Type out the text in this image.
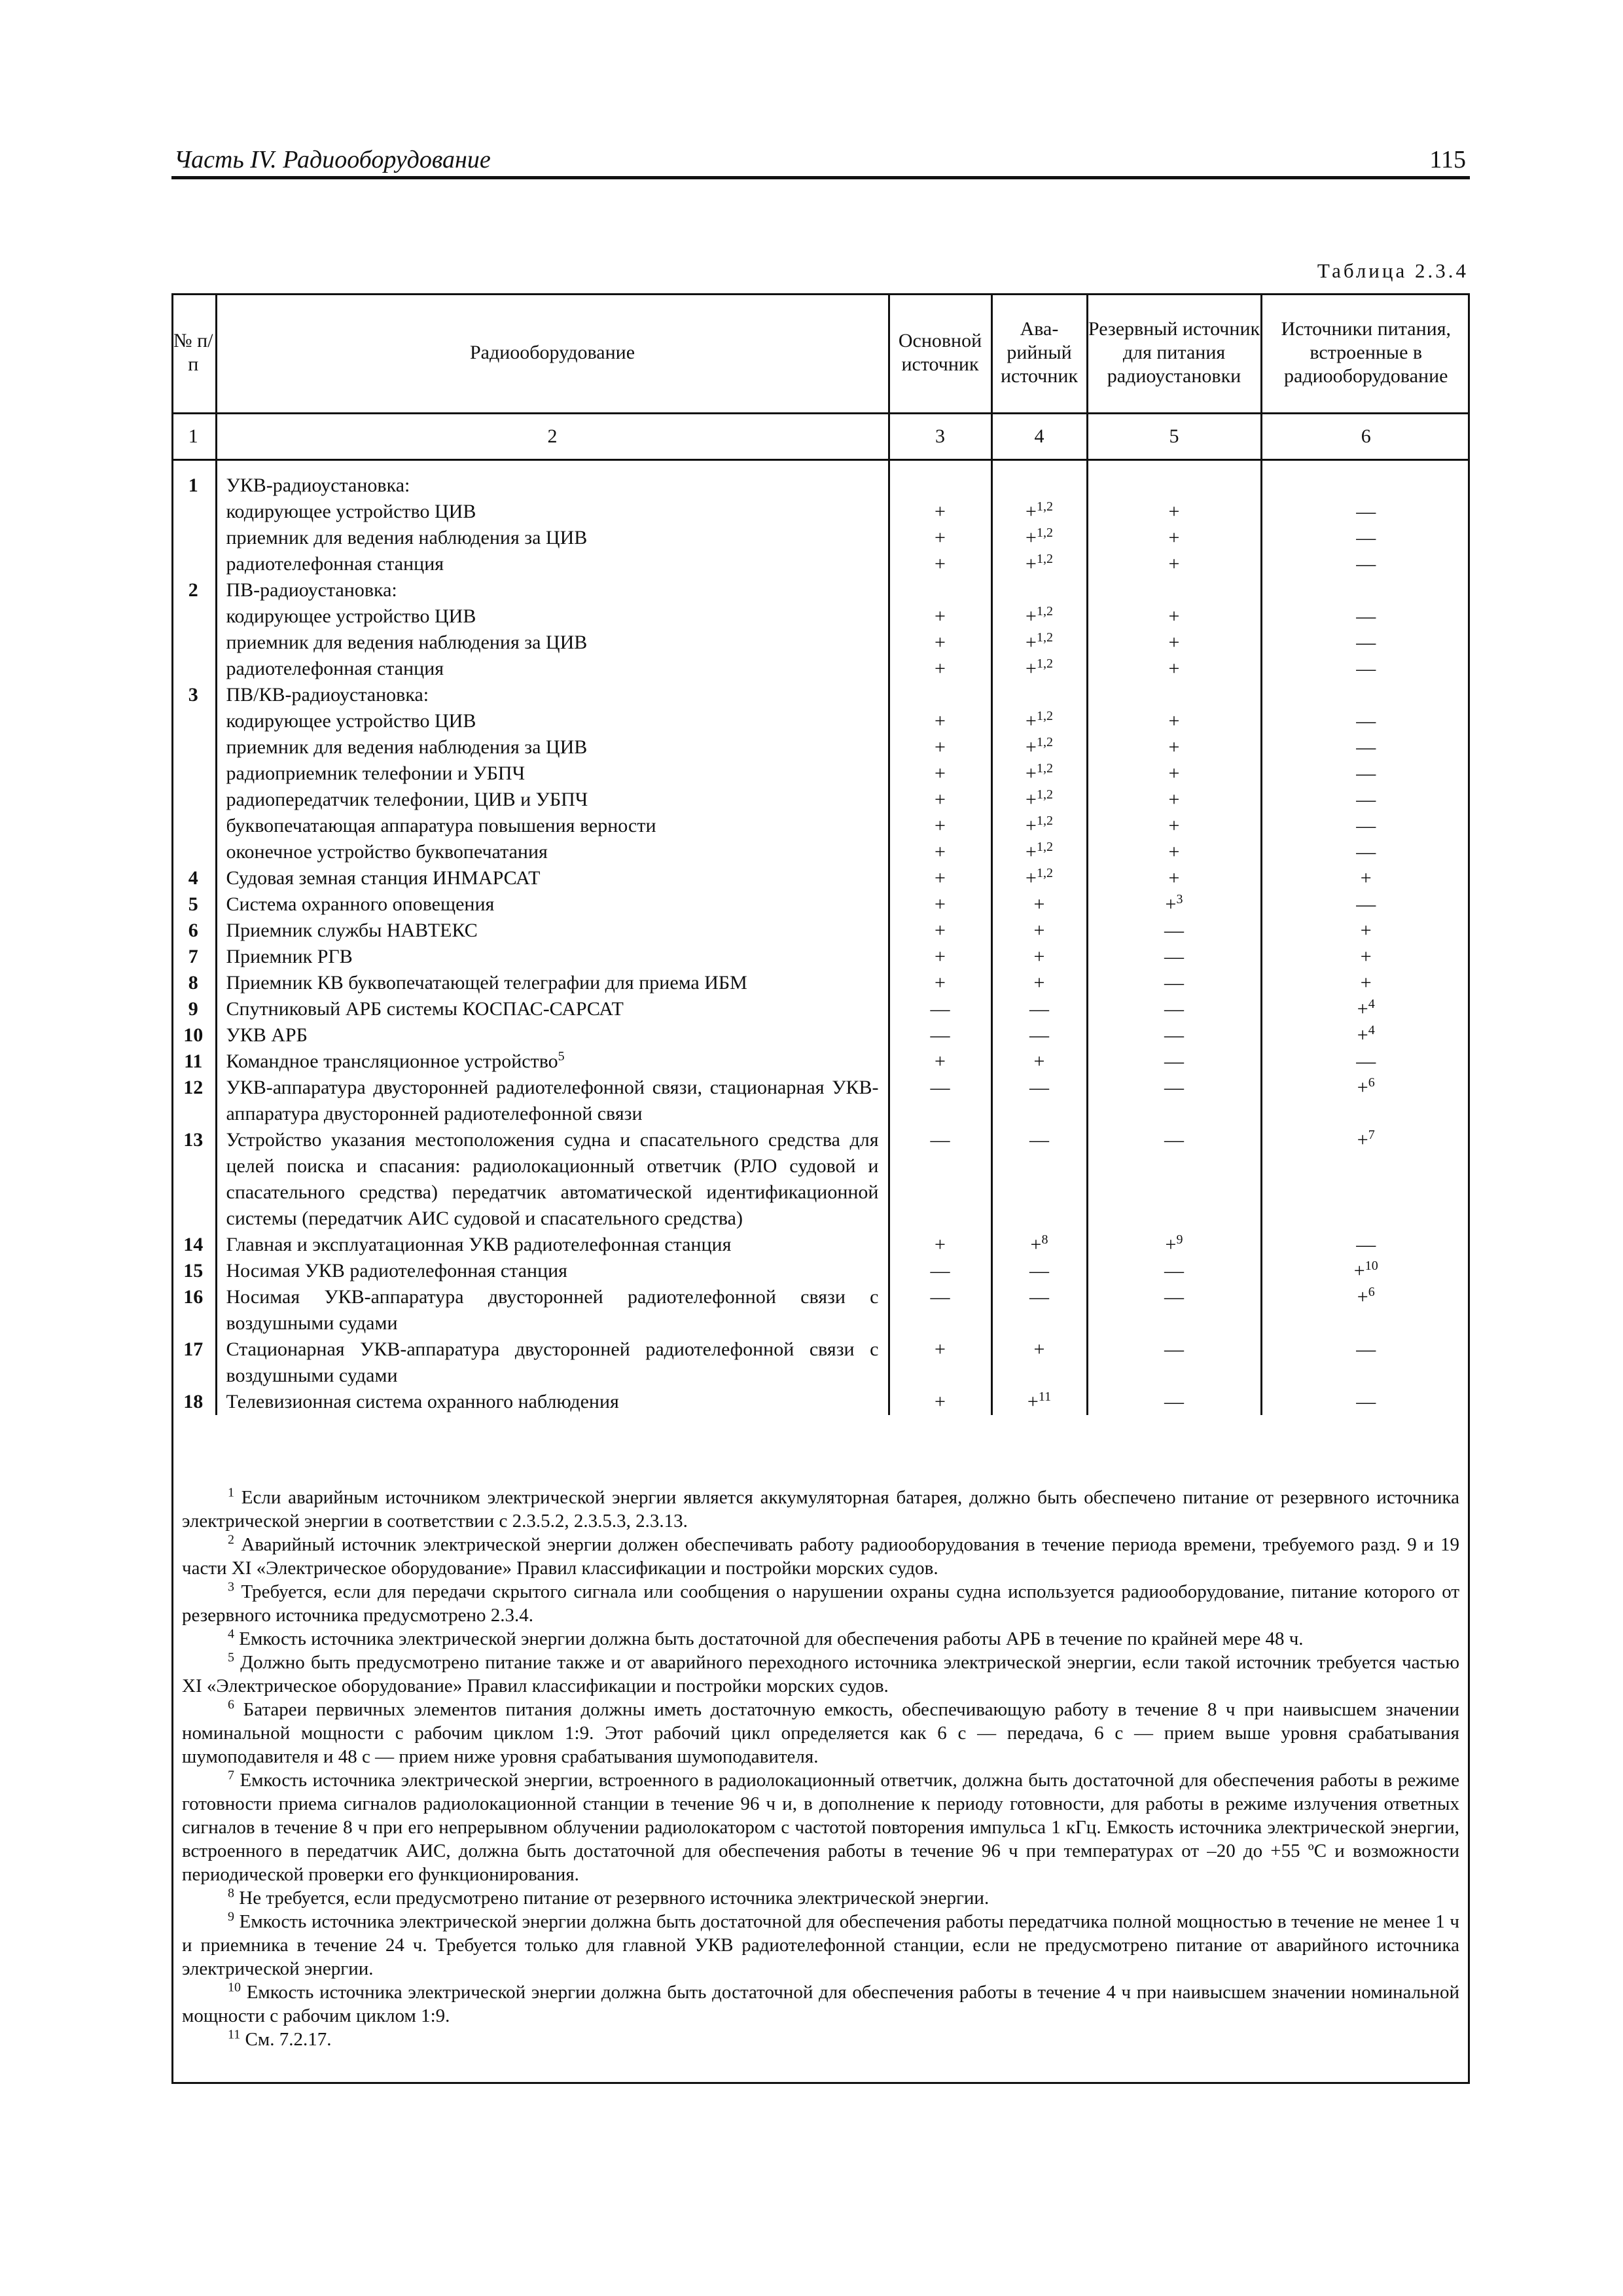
Часть IV. Радиооборудование	115
Таблица 2.3.4
№ п/п	Радиооборудование	Основной источник	Ава- рийный источник	Резервный источник для питания радиоустановки	Источники питания, встроенные в радиооборудование
1	2	3	4	5	6

1	УКВ-радиоустановка:				
	кодирующее устройство ЦИВ	+	+$^{1,2}$	+	—
	приемник для ведения наблюдения за ЦИВ	+	+$^{1,2}$	+	—
	радиотелефонная станция	+	+$^{1,2}$	+	—
2	ПВ-радиоустановка:				
	кодирующее устройство ЦИВ	+	+$^{1,2}$	+	—
	приемник для ведения наблюдения за ЦИВ	+	+$^{1,2}$	+	—
	радиотелефонная станция	+	+$^{1,2}$	+	—
3	ПВ/КВ-радиоустановка:				
	кодирующее устройство ЦИВ	+	+$^{1,2}$	+	—
	приемник для ведения наблюдения за ЦИВ	+	+$^{1,2}$	+	—
	радиоприемник телефонии и УБПЧ	+	+$^{1,2}$	+	—
	радиопередатчик телефонии, ЦИВ и УБПЧ	+	+$^{1,2}$	+	—
	буквопечатающая аппаратура повышения верности	+	+$^{1,2}$	+	—
	оконечное устройство буквопечатания	+	+$^{1,2}$	+	—
4	Судовая земная станция ИНМАРСАТ	+	+$^{1,2}$	+	+
5	Система охранного оповещения	+	+	+$^3$	—
6	Приемник службы НАВТЕКС	+	+	—	+
7	Приемник РГВ	+	+	—	+
8	Приемник КВ буквопечатающей телеграфии для приема ИБМ	+	+	—	+
9	Спутниковый АРБ системы КОСПАС-САРСАТ	—	—	—	+$^4$
10	УКВ АРБ	—	—	—	+$^4$
11	Командное трансляционное устройство$^5$	+	+	—	—
12	УКВ-аппаратура двусторонней радиотелефонной связи, стационарная УКВ-аппаратура двусторонней радиотелефонной связи	—	—	—	+$^6$
13	Устройство указания местоположения судна и спасательного средства для целей поиска и спасания: радиолокационный ответчик (РЛО судовой и спасательного средства) передатчик автоматической идентификационной системы (передатчик АИС судовой и спасательного средства)	—	—	—	+$^7$
14	Главная и эксплуатационная УКВ радиотелефонная станция	+	+$^8$	+$^9$	—
15	Носимая УКВ радиотелефонная станция	—	—	—	+$^{10}$
16	Носимая УКВ-аппаратура двусторонней радиотелефонной связи с воздушными судами	—	—	—	+$^6$
17	Стационарная УКВ-аппаратура двусторонней радиотелефонной связи с воздушными судами	+	+	—	—
18	Телевизионная система охранного наблюдения	+	+$^{11}$	—	—

$^1$ Если аварийным источником электрической энергии является аккумуляторная батарея, должно быть обеспечено питание от резервного источника электрической энергии в соответствии с 2.3.5.2, 2.3.5.3, 2.3.13.

$^2$ Аварийный источник электрической энергии должен обеспечивать работу радиооборудования в течение периода времени, требуемого разд. 9 и 19 части XI «Электрическое оборудование» Правил классификации и постройки морских судов.

$^3$ Требуется, если для передачи скрытого сигнала или сообщения о нарушении охраны судна используется радиооборудование, питание которого от резервного источника предусмотрено 2.3.4.

$^4$ Емкость источника электрической энергии должна быть достаточной для обеспечения работы АРБ в течение по крайней мере 48 ч.

$^5$ Должно быть предусмотрено питание также и от аварийного переходного источника электрической энергии, если такой источник требуется частью XI «Электрическое оборудование» Правил классификации и постройки морских судов.

$^6$ Батареи первичных элементов питания должны иметь достаточную емкость, обеспечивающую работу в течение 8 ч при наивысшем значении номинальной мощности с рабочим циклом 1:9. Этот рабочий цикл определяется как 6 с — передача, 6 с — прием выше уровня срабатывания шумоподавителя и 48 с — прием ниже уровня срабатывания шумоподавителя.

$^7$ Емкость источника электрической энергии, встроенного в радиолокационный ответчик, должна быть достаточной для обеспечения работы в режиме готовности приема сигналов радиолокационной станции в течение 96 ч и, в дополнение к периоду готовности, для работы в режиме излучения ответных сигналов в течение 8 ч при его непрерывном облучении радиолокатором с частотой повторения импульса 1 кГц. Емкость источника электрической энергии, встроенного в передатчик АИС, должна быть достаточной для обеспечения работы в течение 96 ч при температурах от –20 до +55 ºС и возможности периодической проверки его функционирования.

$^8$ Не требуется, если предусмотрено питание от резервного источника электрической энергии.

$^9$ Емкость источника электрической энергии должна быть достаточной для обеспечения работы передатчика полной мощностью в течение не менее 1 ч и приемника в течение 24 ч. Требуется только для главной УКВ радиотелефонной станции, если не предусмотрено питание от аварийного источника электрической энергии.

$^{10}$ Емкость источника электрической энергии должна быть достаточной для обеспечения работы в течение 4 ч при наивысшем значении номинальной мощности с рабочим циклом 1:9.

$^{11}$ См. 7.2.17.
